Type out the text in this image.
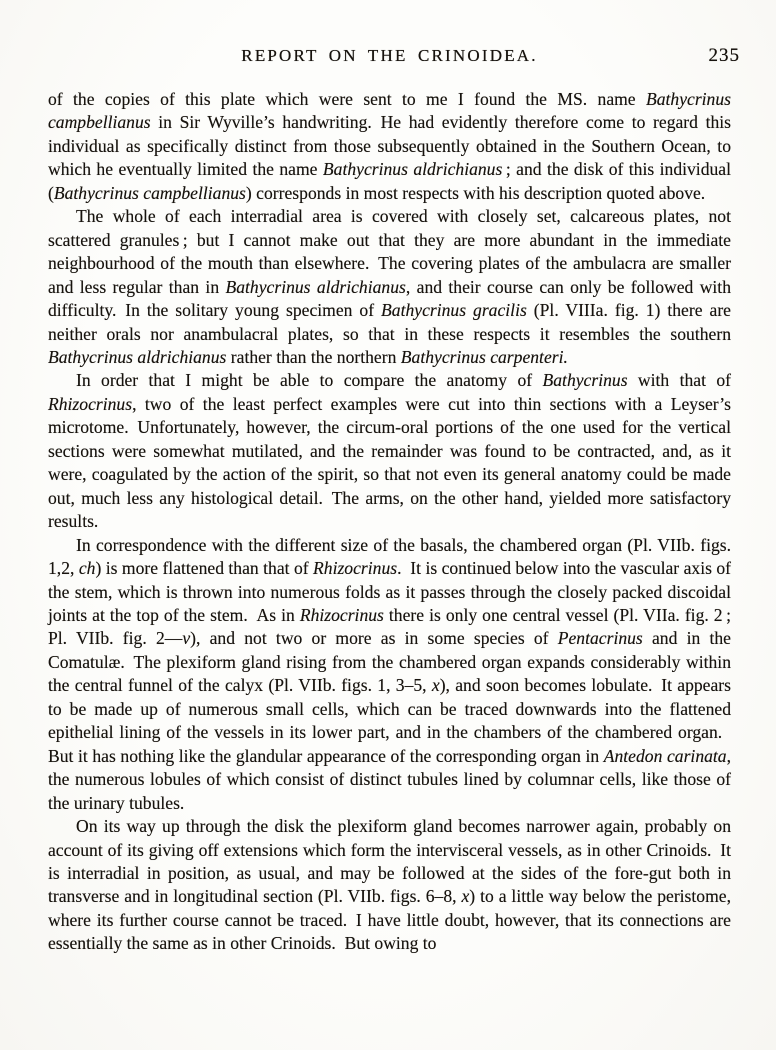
REPORT ON THE CRINOIDEA.	235

of the copies of this plate which were sent to me I found the MS. name Bathycrinus campbellianus in Sir Wyville’s handwriting. He had evidently therefore come to regard this individual as specifically distinct from those subsequently obtained in the Southern Ocean, to which he eventually limited the name Bathycrinus aldrichianus ; and the disk of this individual (Bathycrinus campbellianus) corresponds in most respects with his description quoted above.

The whole of each interradial area is covered with closely set, calcareous plates, not scattered granules ; but I cannot make out that they are more abundant in the immediate neighbourhood of the mouth than elsewhere. The covering plates of the ambulacra are smaller and less regular than in Bathycrinus aldrichianus, and their course can only be followed with difficulty. In the solitary young specimen of Bathycrinus gracilis (Pl. VIIIa. fig. 1) there are neither orals nor anambulacral plates, so that in these respects it resembles the southern Bathycrinus aldrichianus rather than the northern Bathycrinus carpenteri.

In order that I might be able to compare the anatomy of Bathycrinus with that of Rhizocrinus, two of the least perfect examples were cut into thin sections with a Leyser’s microtome. Unfortunately, however, the circum-oral portions of the one used for the vertical sections were somewhat mutilated, and the remainder was found to be contracted, and, as it were, coagulated by the action of the spirit, so that not even its general anatomy could be made out, much less any histological detail. The arms, on the other hand, yielded more satisfactory results.

In correspondence with the different size of the basals, the chambered organ (Pl. VIIb. figs. 1,2, ch) is more flattened than that of Rhizocrinus. It is continued below into the vascular axis of the stem, which is thrown into numerous folds as it passes through the closely packed discoidal joints at the top of the stem. As in Rhizocrinus there is only one central vessel (Pl. VIIa. fig. 2 ; Pl. VIIb. fig. 2—v), and not two or more as in some species of Pentacrinus and in the Comatulæ. The plexiform gland rising from the chambered organ expands considerably within the central funnel of the calyx (Pl. VIIb. figs. 1, 3–5, x), and soon becomes lobulate. It appears to be made up of numerous small cells, which can be traced downwards into the flattened epithelial lining of the vessels in its lower part, and in the chambers of the chambered organ. But it has nothing like the glandular appearance of the corresponding organ in Antedon carinata, the numerous lobules of which consist of distinct tubules lined by columnar cells, like those of the urinary tubules.

On its way up through the disk the plexiform gland becomes narrower again, probably on account of its giving off extensions which form the intervisceral vessels, as in other Crinoids. It is interradial in position, as usual, and may be followed at the sides of the fore-gut both in transverse and in longitudinal section (Pl. VIIb. figs. 6–8, x) to a little way below the peristome, where its further course cannot be traced. I have little doubt, however, that its connections are essentially the same as in other Crinoids. But owing to
